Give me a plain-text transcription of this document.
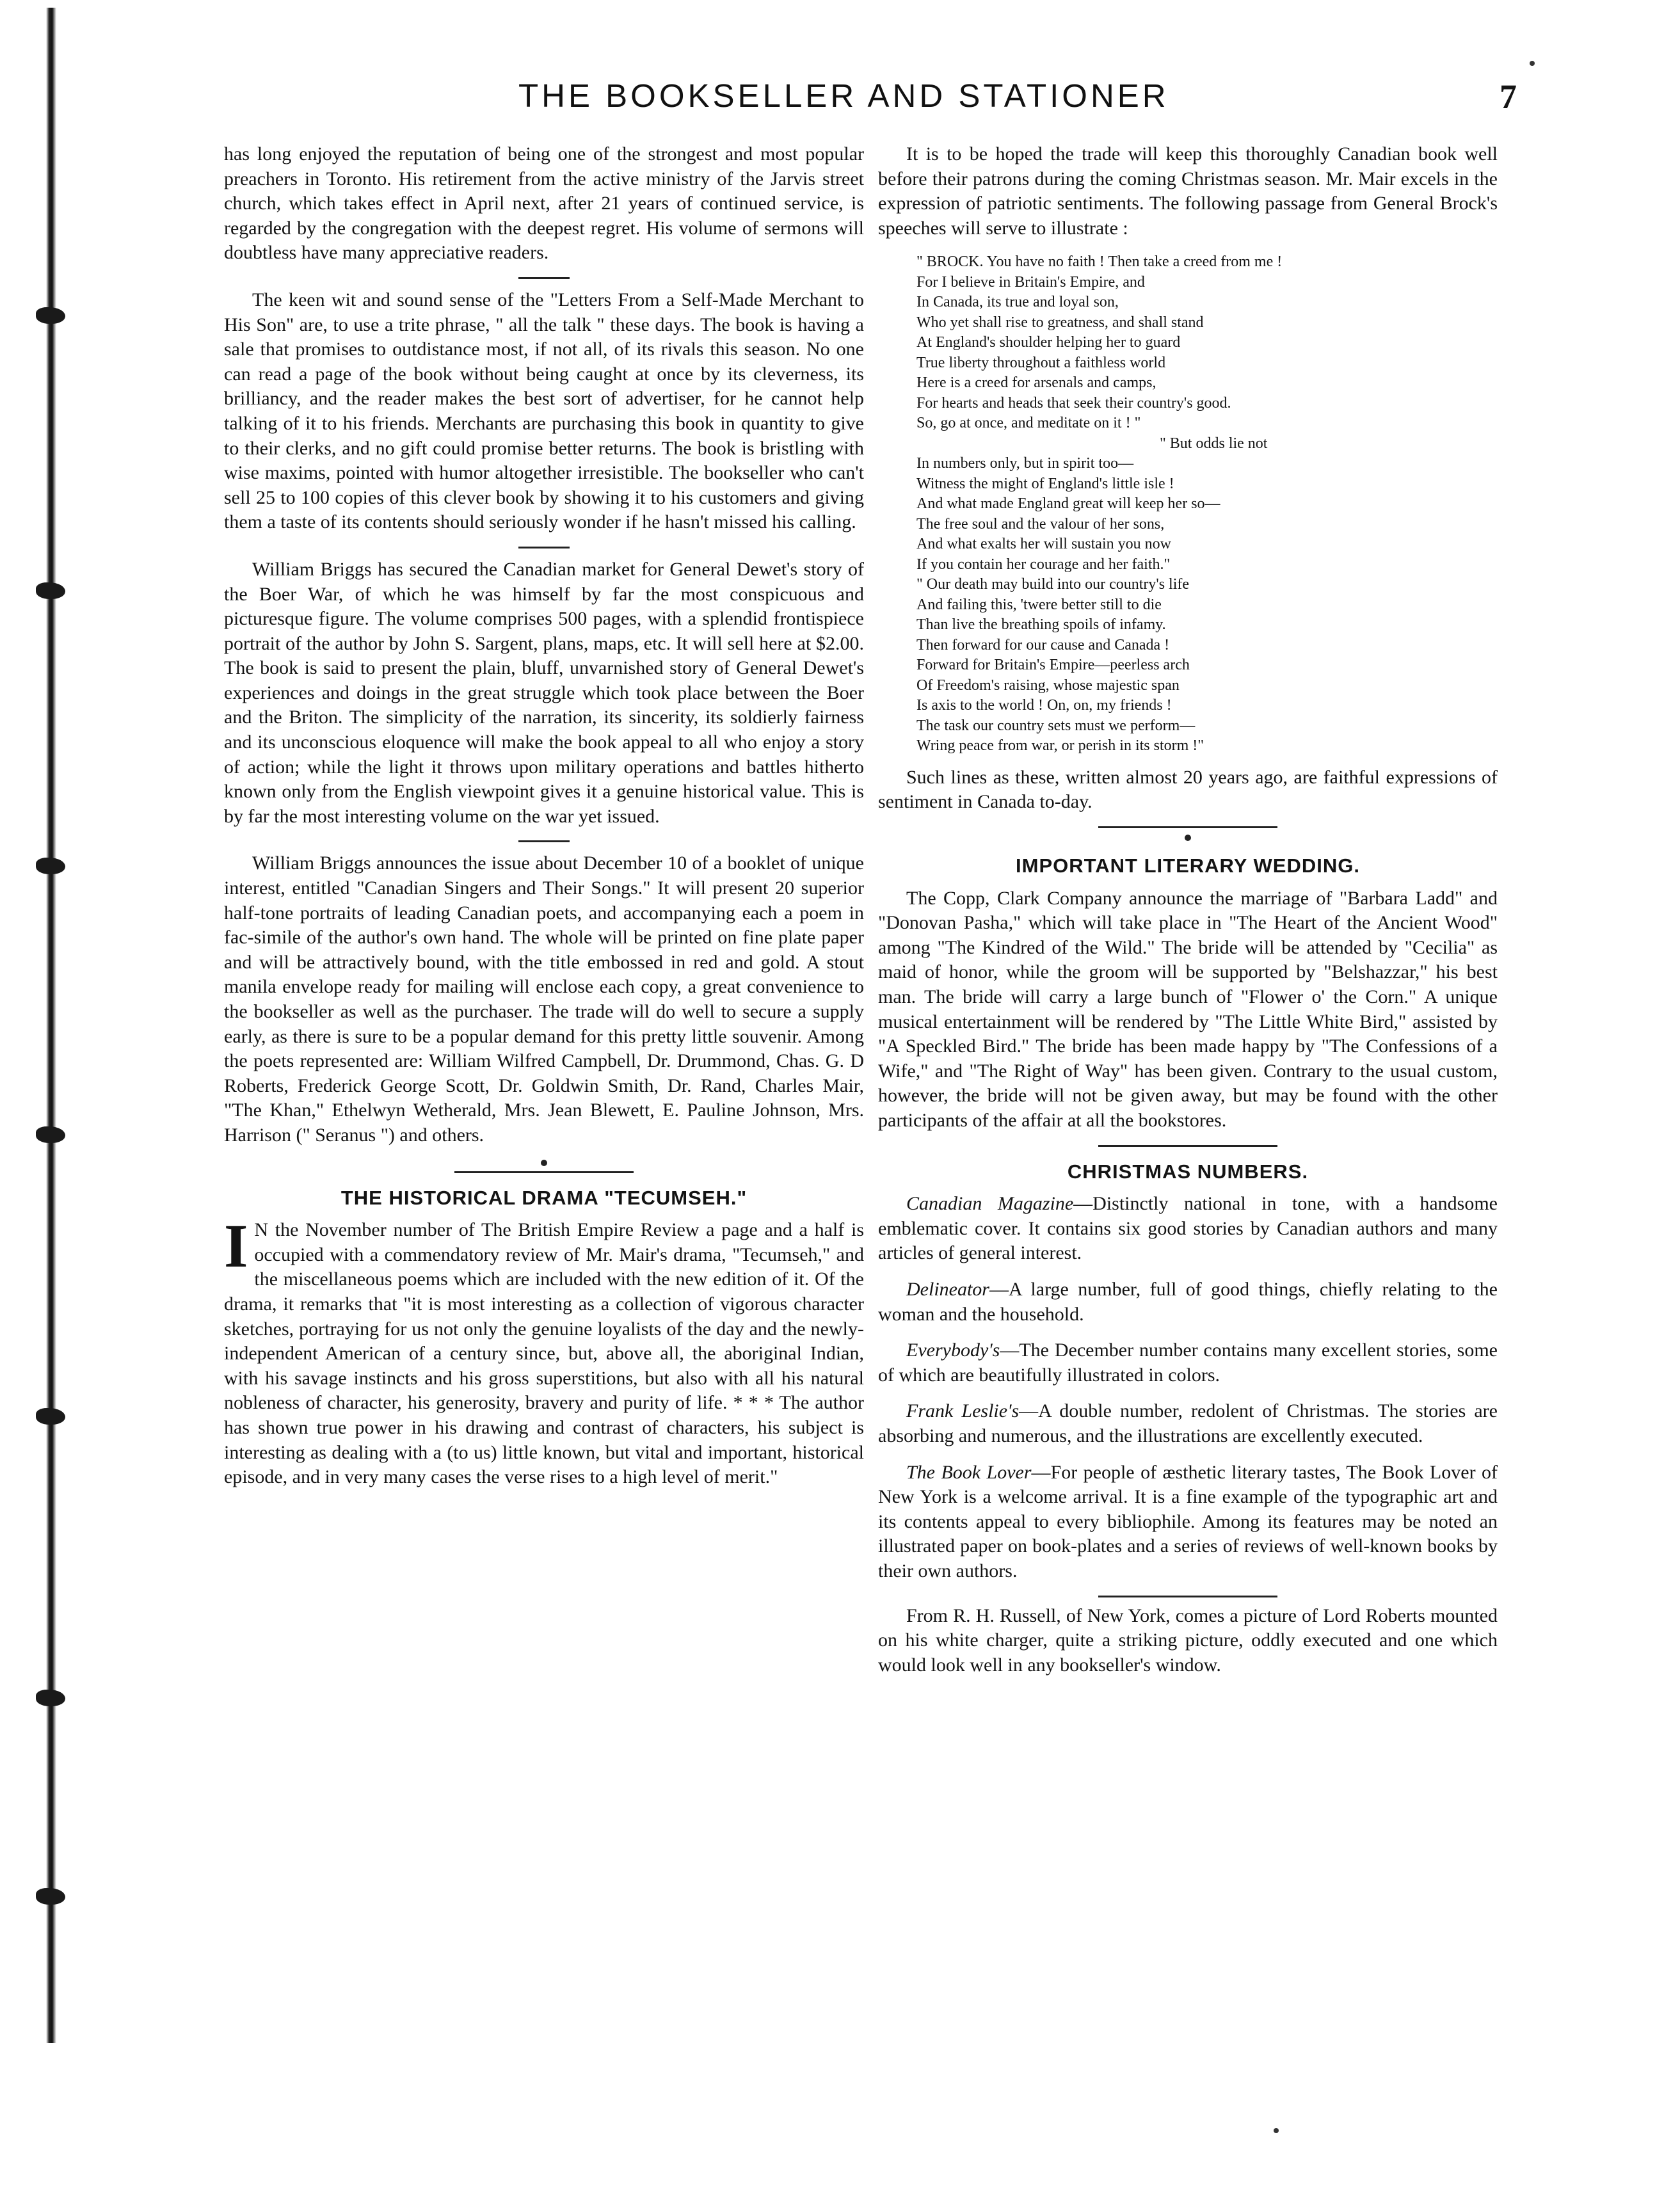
THE BOOKSELLER AND STATIONER	7

has long enjoyed the reputation of being one of the strongest and most popular preachers in Toronto. His retirement from the active ministry of the Jarvis street church, which takes effect in April next, after 21 years of continued service, is regarded by the congregation with the deepest regret. His volume of sermons will doubtless have many appreciative readers.

The keen wit and sound sense of the "Letters From a Self-Made Merchant to His Son" are, to use a trite phrase, " all the talk " these days. The book is having a sale that promises to outdistance most, if not all, of its rivals this season. No one can read a page of the book without being caught at once by its cleverness, its brilliancy, and the reader makes the best sort of advertiser, for he cannot help talking of it to his friends. Merchants are purchasing this book in quantity to give to their clerks, and no gift could promise better returns. The book is bristling with wise maxims, pointed with humor altogether irresistible. The bookseller who can't sell 25 to 100 copies of this clever book by showing it to his customers and giving them a taste of its contents should seriously wonder if he hasn't missed his calling.

William Briggs has secured the Canadian market for General Dewet's story of the Boer War, of which he was himself by far the most conspicuous and picturesque figure. The volume comprises 500 pages, with a splendid frontispiece portrait of the author by John S. Sargent, plans, maps, etc. It will sell here at $2.00. The book is said to present the plain, bluff, unvarnished story of General Dewet's experiences and doings in the great struggle which took place between the Boer and the Briton. The simplicity of the narration, its sincerity, its soldierly fairness and its unconscious eloquence will make the book appeal to all who enjoy a story of action; while the light it throws upon military operations and battles hitherto known only from the English viewpoint gives it a genuine historical value. This is by far the most interesting volume on the war yet issued.

William Briggs announces the issue about December 10 of a booklet of unique interest, entitled "Canadian Singers and Their Songs." It will present 20 superior half-tone portraits of leading Canadian poets, and accompanying each a poem in fac-simile of the author's own hand. The whole will be printed on fine plate paper and will be attractively bound, with the title embossed in red and gold. A stout manila envelope ready for mailing will enclose each copy, a great convenience to the bookseller as well as the purchaser. The trade will do well to secure a supply early, as there is sure to be a popular demand for this pretty little souvenir. Among the poets represented are: William Wilfred Campbell, Dr. Drummond, Chas. G. D Roberts, Frederick George Scott, Dr. Goldwin Smith, Dr. Rand, Charles Mair, "The Khan," Ethelwyn Wetherald, Mrs. Jean Blewett, E. Pauline Johnson, Mrs. Harrison (" Seranus ") and others.

THE HISTORICAL DRAMA "TECUMSEH."

I N the November number of The British Empire Review a page and a half is occupied with a commendatory review of Mr. Mair's drama, "Tecumseh," and the miscellaneous poems which are included with the new edition of it. Of the drama, it remarks that "it is most interesting as a collection of vigorous character sketches, portraying for us not only the genuine loyalists of the day and the newly-independent American of a century since, but, above all, the aboriginal Indian, with his savage instincts and his gross superstitions, but also with all his natural nobleness of character, his generosity, bravery and purity of life. * * * The author has shown true power in his drawing and contrast of characters, his subject is interesting as dealing with a (to us) little known, but vital and important, historical episode, and in very many cases the verse rises to a high level of merit."

It is to be hoped the trade will keep this thoroughly Canadian book well before their patrons during the coming Christmas season. Mr. Mair excels in the expression of patriotic sentiments. The following passage from General Brock's speeches will serve to illustrate :

" BROCK. You have no faith ! Then take a creed from me !
For I believe in Britain's Empire, and
In Canada, its true and loyal son,
Who yet shall rise to greatness, and shall stand
At England's shoulder helping her to guard
True liberty throughout a faithless world
Here is a creed for arsenals and camps,
For hearts and heads that seek their country's good.
So, go at once, and meditate on it ! "
" But odds lie not
In numbers only, but in spirit too—
Witness the might of England's little isle !
And what made England great will keep her so—
The free soul and the valour of her sons,
And what exalts her will sustain you now
If you contain her courage and her faith."
" Our death may build into our country's life
And failing this, 'twere better still to die
Than live the breathing spoils of infamy.
Then forward for our cause and Canada !
Forward for Britain's Empire—peerless arch
Of Freedom's raising, whose majestic span
Is axis to the world ! On, on, my friends !
The task our country sets must we perform—
Wring peace from war, or perish in its storm !"

Such lines as these, written almost 20 years ago, are faithful expressions of sentiment in Canada to-day.

IMPORTANT LITERARY WEDDING.

The Copp, Clark Company announce the marriage of "Barbara Ladd" and "Donovan Pasha," which will take place in "The Heart of the Ancient Wood" among "The Kindred of the Wild." The bride will be attended by "Cecilia" as maid of honor, while the groom will be supported by "Belshazzar," his best man. The bride will carry a large bunch of "Flower o' the Corn." A unique musical entertainment will be rendered by "The Little White Bird," assisted by "A Speckled Bird." The bride has been made happy by "The Confessions of a Wife," and "The Right of Way" has been given. Contrary to the usual custom, however, the bride will not be given away, but may be found with the other participants of the affair at all the bookstores.

CHRISTMAS NUMBERS.

Canadian Magazine—Distinctly national in tone, with a handsome emblematic cover. It contains six good stories by Canadian authors and many articles of general interest.

Delineator—A large number, full of good things, chiefly relating to the woman and the household.

Everybody's—The December number contains many excellent stories, some of which are beautifully illustrated in colors.

Frank Leslie's—A double number, redolent of Christmas. The stories are absorbing and numerous, and the illustrations are excellently executed.

The Book Lover—For people of æsthetic literary tastes, The Book Lover of New York is a welcome arrival. It is a fine example of the typographic art and its contents appeal to every bibliophile. Among its features may be noted an illustrated paper on book-plates and a series of reviews of well-known books by their own authors.

From R. H. Russell, of New York, comes a picture of Lord Roberts mounted on his white charger, quite a striking picture, oddly executed and one which would look well in any bookseller's window.
